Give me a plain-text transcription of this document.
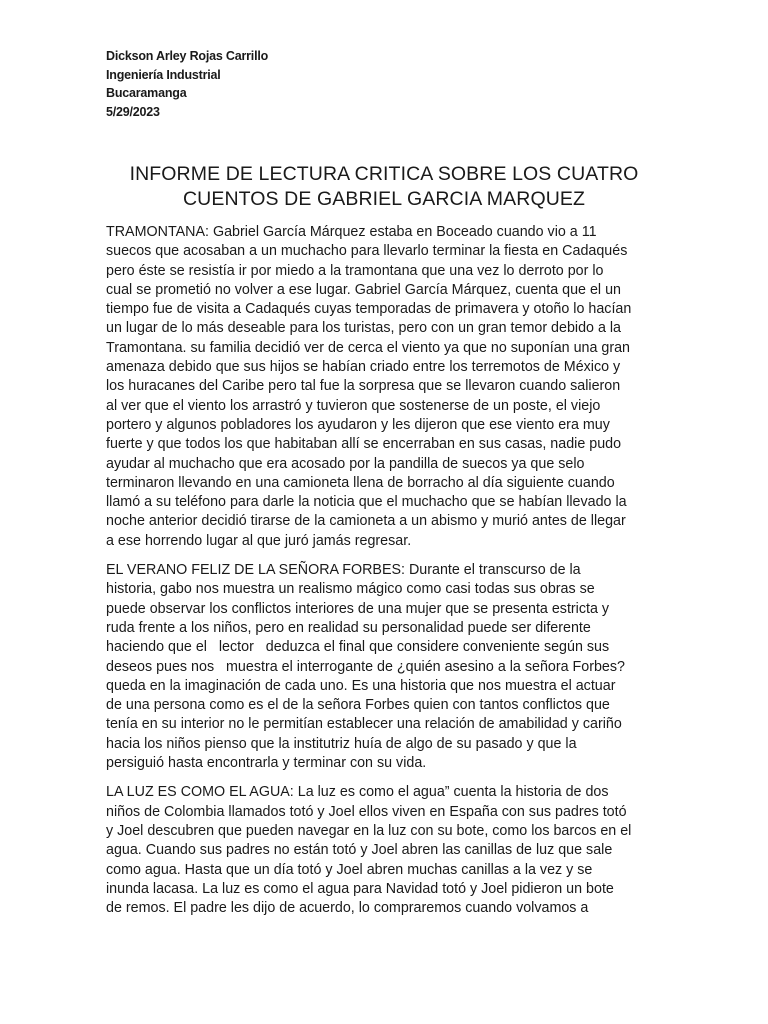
Dickson Arley Rojas Carrillo
Ingeniería Industrial
Bucaramanga
5/29/2023
INFORME DE LECTURA CRITICA SOBRE LOS CUATRO
CUENTOS DE GABRIEL GARCIA MARQUEZ

TRAMONTANA: Gabriel García Márquez estaba en Boceado cuando vio a 11
suecos que acosaban a un muchacho para llevarlo terminar la fiesta en Cadaqués
pero éste se resistía ir por miedo a la tramontana que una vez lo derroto por lo
cual se prometió no volver a ese lugar. Gabriel García Márquez, cuenta que el un
tiempo fue de visita a Cadaqués cuyas temporadas de primavera y otoño lo hacían
un lugar de lo más deseable para los turistas, pero con un gran temor debido a la
Tramontana. su familia decidió ver de cerca el viento ya que no suponían una gran
amenaza debido que sus hijos se habían criado entre los terremotos de México y
los huracanes del Caribe pero tal fue la sorpresa que se llevaron cuando salieron
al ver que el viento los arrastró y tuvieron que sostenerse de un poste, el viejo
portero y algunos pobladores los ayudaron y les dijeron que ese viento era muy
fuerte y que todos los que habitaban allí se encerraban en sus casas, nadie pudo
ayudar al muchacho que era acosado por la pandilla de suecos ya que selo
terminaron llevando en una camioneta llena de borracho al día siguiente cuando
llamó a su teléfono para darle la noticia que el muchacho que se habían llevado la
noche anterior decidió tirarse de la camioneta a un abismo y murió antes de llegar
a ese horrendo lugar al que juró jamás regresar.

EL VERANO FELIZ DE LA SEÑORA FORBES: Durante el transcurso de la
historia, gabo nos muestra un realismo mágico como casi todas sus obras se
puede observar los conflictos interiores de una mujer que se presenta estricta y
ruda frente a los niños, pero en realidad su personalidad puede ser diferente
haciendo que el   lector   deduzca el final que considere conveniente según sus
deseos pues nos   muestra el interrogante de ¿quién asesino a la señora Forbes?
queda en la imaginación de cada uno. Es una historia que nos muestra el actuar
de una persona como es el de la señora Forbes quien con tantos conflictos que
tenía en su interior no le permitían establecer una relación de amabilidad y cariño
hacia los niños pienso que la institutriz huía de algo de su pasado y que la
persiguió hasta encontrarla y terminar con su vida.

LA LUZ ES COMO EL AGUA: La luz es como el agua” cuenta la historia de dos
niños de Colombia llamados totó y Joel ellos viven en España con sus padres totó
y Joel descubren que pueden navegar en la luz con su bote, como los barcos en el
agua. Cuando sus padres no están totó y Joel abren las canillas de luz que sale
como agua. Hasta que un día totó y Joel abren muchas canillas a la vez y se
inunda lacasa. La luz es como el agua para Navidad totó y Joel pidieron un bote
de remos. El padre les dijo de acuerdo, lo compraremos cuando volvamos a
